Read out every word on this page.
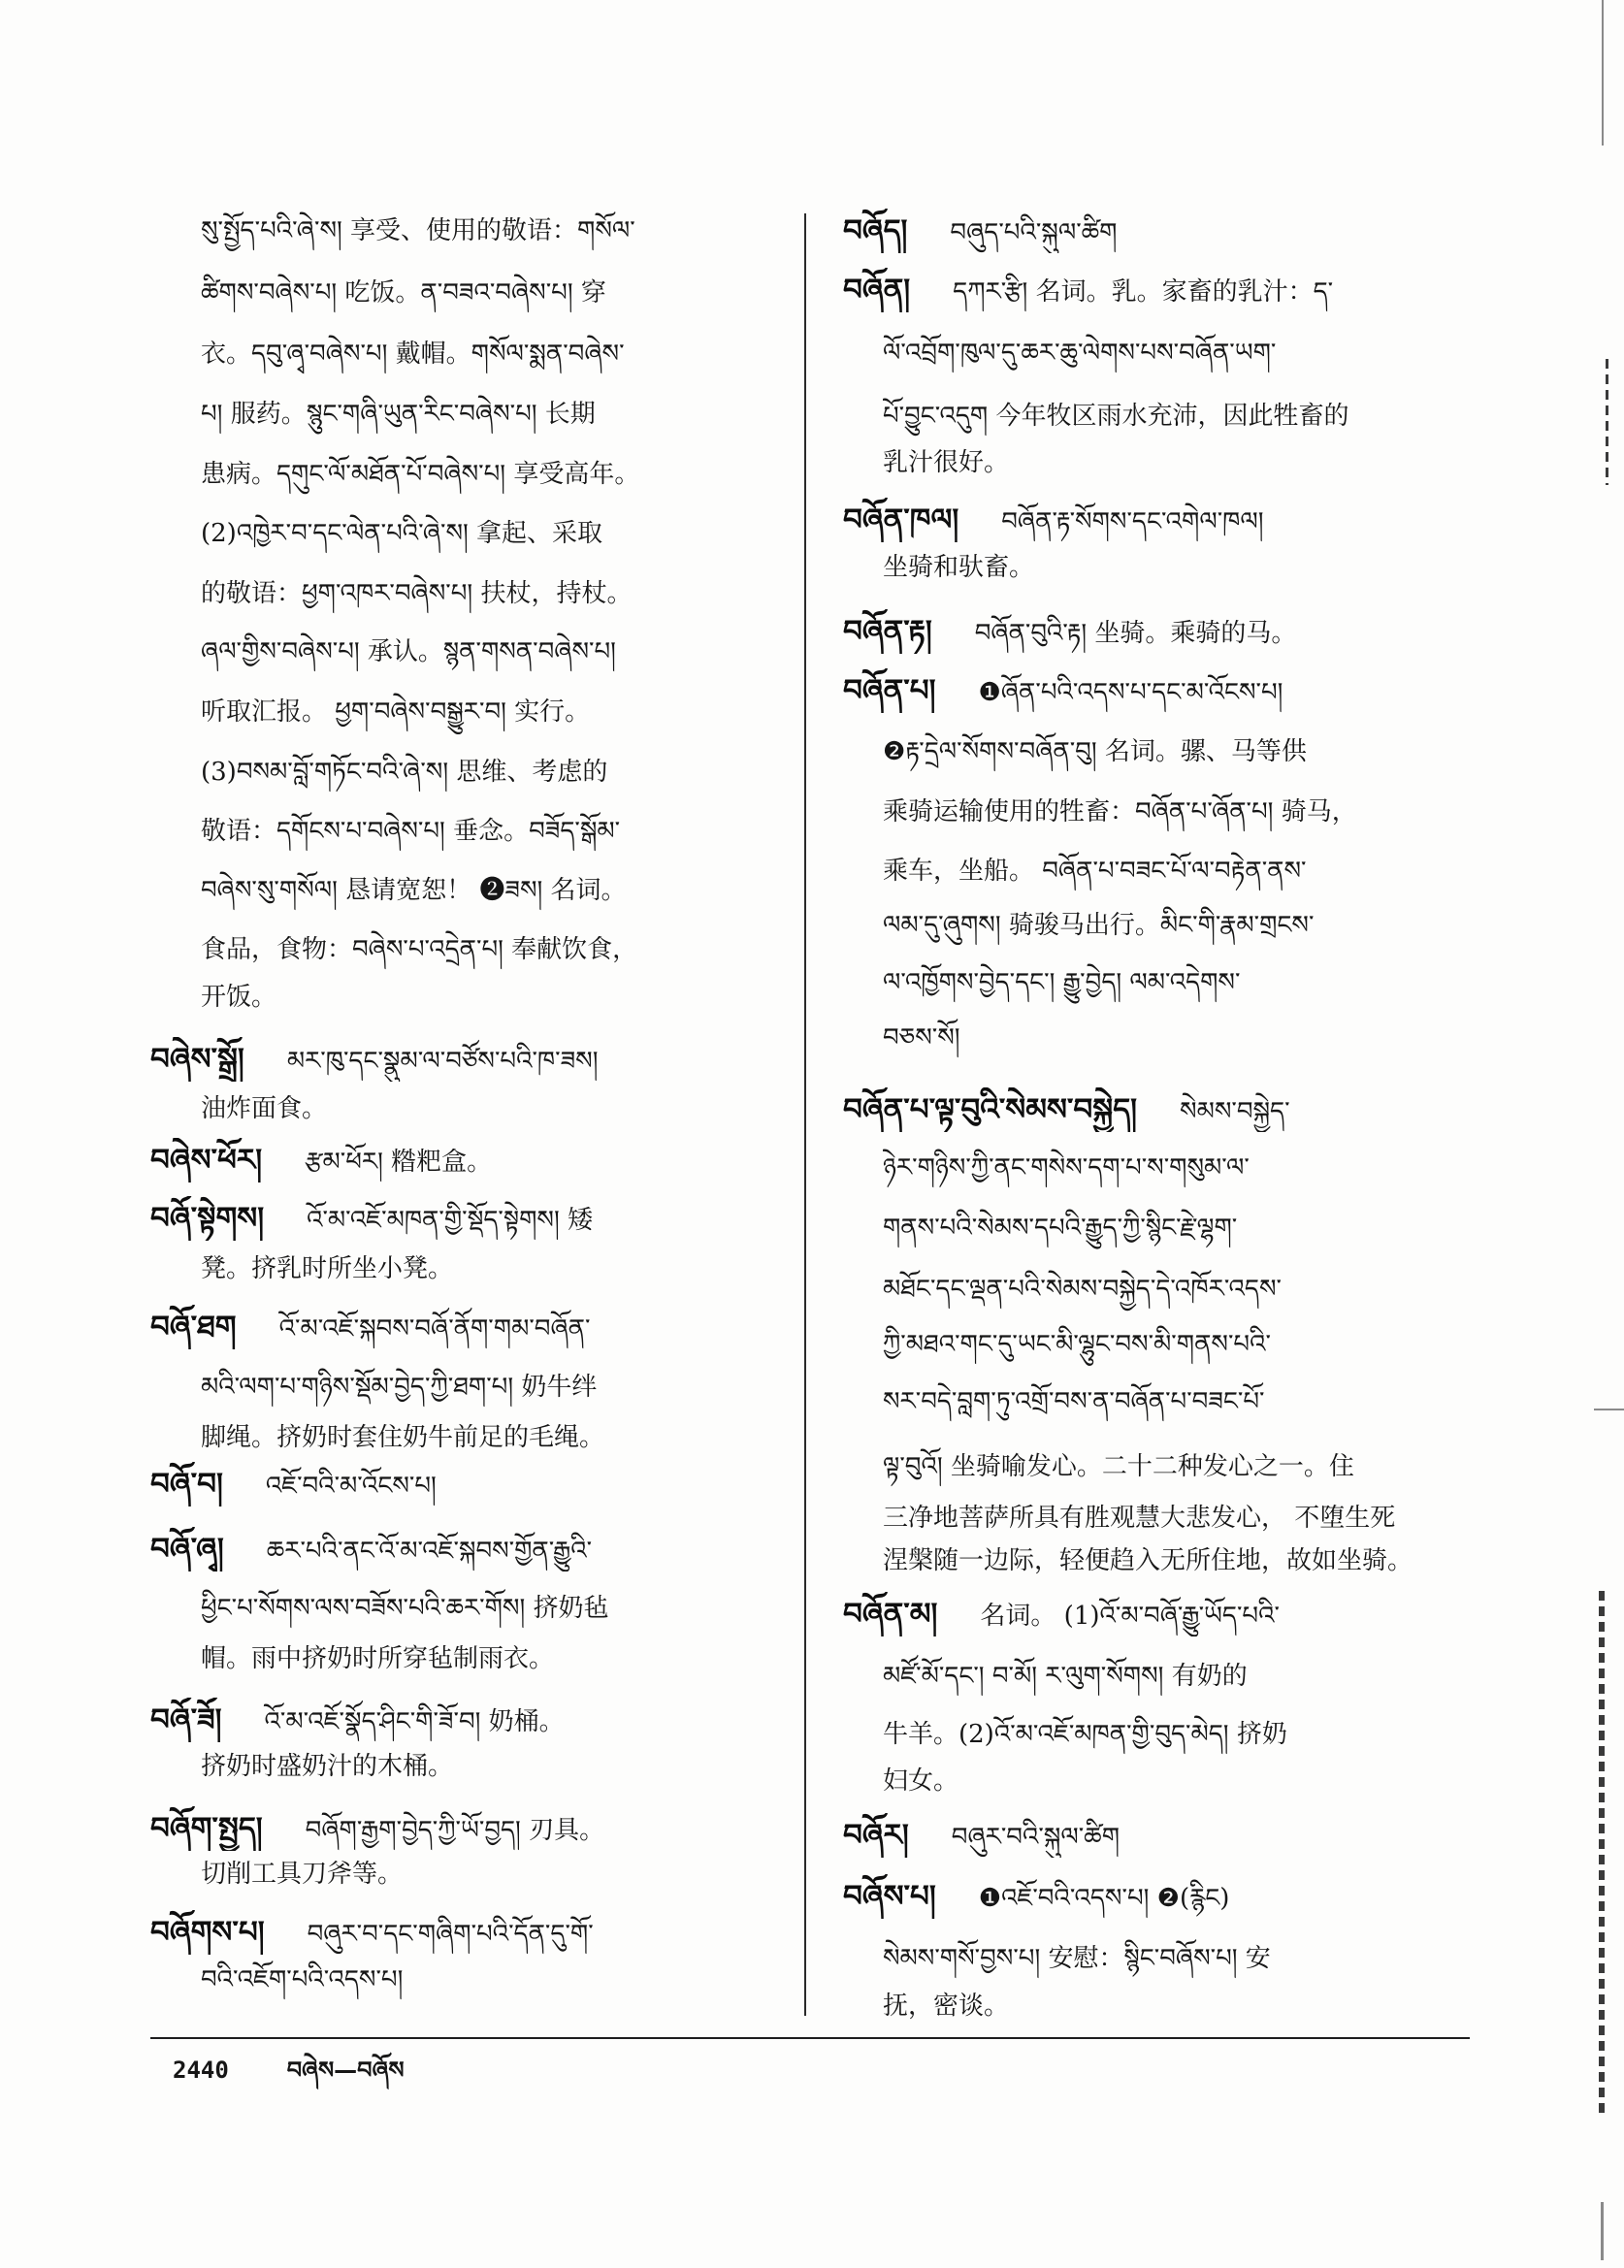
སུ་སྤྱོད་པའི་ཞེ་ས། 享受、使用的敬语：གསོལ་
ཚིགས་བཞེས་པ། 吃饭。ན་བཟའ་བཞེས་པ། 穿
衣。དབུ་ཞྭ་བཞེས་པ། 戴帽。གསོལ་སྨན་བཞེས་
པ། 服药。སྙུང་གཞི་ཡུན་རིང་བཞེས་པ། 长期
患病。དགུང་ལོ་མཐོན་པོ་བཞེས་པ། 享受高年。
(2)འཁྱེར་བ་དང་ལེན་པའི་ཞེ་ས། 拿起、采取
的敬语：ཕྱག་འཁར་བཞེས་པ། 扶杖，持杖。
ཞལ་གྱིས་བཞེས་པ། 承认。སྙན་གསན་བཞེས་པ།
听取汇报。 ཕྱག་བཞེས་བསྒྱུར་བ། 实行。
(3)བསམ་བློ་གཏོང་བའི་ཞེ་ས། 思维、考虑的
敬语：དགོངས་པ་བཞེས་པ། 垂念。བཟོད་སྒོམ་
བཞེས་སུ་གསོལ། 恳请宽恕！ ❷ཟས། 名词。
食品，食物：བཞེས་པ་འདྲེན་པ། 奉献饮食，
开饭。
བཞེས་སྒྲོ། མར་ཁུ་དང་སྣུམ་ལ་བཙོས་པའི་ཁ་ཟས།
油炸面食。
བཞེས་ཕོར། རྩམ་ཕོར། 糌粑盒。
བཞོ་སྟེགས། འོ་མ་འཇོ་མཁན་གྱི་སྡོད་སྟེགས། 矮
凳。挤乳时所坐小凳。
བཞོ་ཐག འོ་མ་འཇོ་སྐབས་བཞོ་ནོག་གམ་བཞོན་
མའི་ལག་པ་གཉིས་སྡོམ་བྱེད་ཀྱི་ཐག་པ། 奶牛绊
脚绳。挤奶时套住奶牛前足的毛绳。
བཞོ་བ། འཇོ་བའི་མ་འོངས་པ།
བཞོ་ཞྭ། ཆར་པའི་ནང་འོ་མ་འཇོ་སྐབས་གྱོན་རྒྱུའི་
ཕྱིང་པ་སོགས་ལས་བཟོས་པའི་ཆར་གོས། 挤奶毡
帽。雨中挤奶时所穿毡制雨衣。
བཞོ་ཟོ། འོ་མ་འཇོ་སྣོད་ཤིང་གི་ཟོ་བ། 奶桶。
挤奶时盛奶汁的木桶。
བཞོག་སྤྱད། བཞོག་རྒྱག་བྱེད་ཀྱི་ཡོ་བྱད། 刃具。
切削工具刀斧等。
བཞོགས་པ། བཞུར་བ་དང་གཞིག་པའི་དོན་དུ་གོ་
བའི་འཇོག་པའི་འདས་པ།
བཞོད། བཞུད་པའི་སྐུལ་ཚིག
བཞོན། དཀར་རྩི། 名词。乳。家畜的乳汁：ད་
ལོ་འབྲོག་ཁུལ་དུ་ཆར་ཆུ་ལེགས་པས་བཞོན་ཡག་
པོ་བྱུང་འདུག 今年牧区雨水充沛，因此牲畜的
乳汁很好。
བཞོན་ཁལ། བཞོན་རྟ་སོགས་དང་འགེལ་ཁལ།
坐骑和驮畜。
བཞོན་རྟ། བཞོན་བུའི་རྟ། 坐骑。乘骑的马。
བཞོན་པ། ❶ཞོན་པའི་འདས་པ་དང་མ་འོངས་པ།
❷རྟ་དྲེལ་སོགས་བཞོན་བུ། 名词。骡、马等供
乘骑运输使用的牲畜：བཞོན་པ་ཞོན་པ། 骑马，
乘车，坐船。 བཞོན་པ་བཟང་པོ་ལ་བརྟེན་ནས་
ལམ་དུ་ཞུགས། 骑骏马出行。མིང་གི་རྣམ་གྲངས་
ལ་འཁྱོགས་བྱེད་དང་། རྒྱུ་བྱེད། ལམ་འདེགས་
བཅས་སོ།
བཞོན་པ་ལྟ་བུའི་སེམས་བསྐྱེད། སེམས་བསྐྱེད་
ཉེར་གཉིས་ཀྱི་ནང་གསེས་དག་པ་ས་གསུམ་ལ་
གནས་པའི་སེམས་དཔའི་རྒྱུད་ཀྱི་སྙིང་རྗེ་ལྷག་
མཐོང་དང་ལྡན་པའི་སེམས་བསྐྱེད་དེ་འཁོར་འདས་
ཀྱི་མཐའ་གང་དུ་ཡང་མི་ལྷུང་བས་མི་གནས་པའི་
སར་བདེ་བླག་ཏུ་འགྲོ་བས་ན་བཞོན་པ་བཟང་པོ་
ལྟ་བུའོ། 坐骑喻发心。二十二种发心之一。住
三净地菩萨所具有胜观慧大悲发心， 不堕生死
涅槃随一边际，轻便趋入无所住地，故如坐骑。
བཞོན་མ། 名词。 (1)འོ་མ་བཞོ་རྒྱུ་ཡོད་པའི་
མཛོ་མོ་དང་། བ་མོ། ར་ལུག་སོགས། 有奶的
牛羊。(2)འོ་མ་འཇོ་མཁན་གྱི་བུད་མེད། 挤奶
妇女。
བཞོར། བཞུར་བའི་སྐུལ་ཚིག
བཞོས་པ། ❶འཇོ་བའི་འདས་པ། ❷(རྙིང)
སེམས་གསོ་བྱས་པ། 安慰：སྙིང་བཞོས་པ། 安
抚，密谈。
2440	བཞེས—བཞོས
